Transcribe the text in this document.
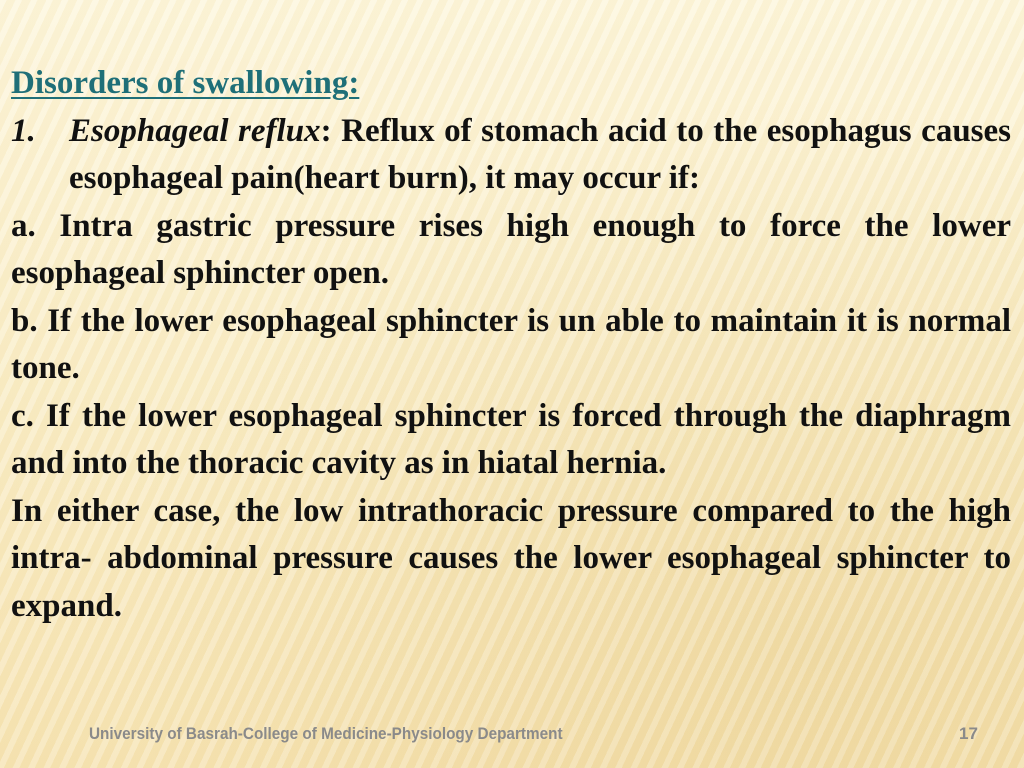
Disorders of swallowing:
1.	Esophageal reflux: Reflux of stomach acid to the esophagus causes esophageal pain(heart burn), it may occur if:

a. Intra gastric pressure rises high enough to force the lower esophageal sphincter open.

b. If the lower esophageal sphincter is un able to maintain it is normal tone.

c. If the lower esophageal sphincter is forced through the diaphragm and into the thoracic cavity as in hiatal hernia.

In either case, the low intrathoracic pressure compared to the high intra- abdominal pressure causes the lower esophageal sphincter to expand.

University of Basrah-College of Medicine-Physiology Department	17
